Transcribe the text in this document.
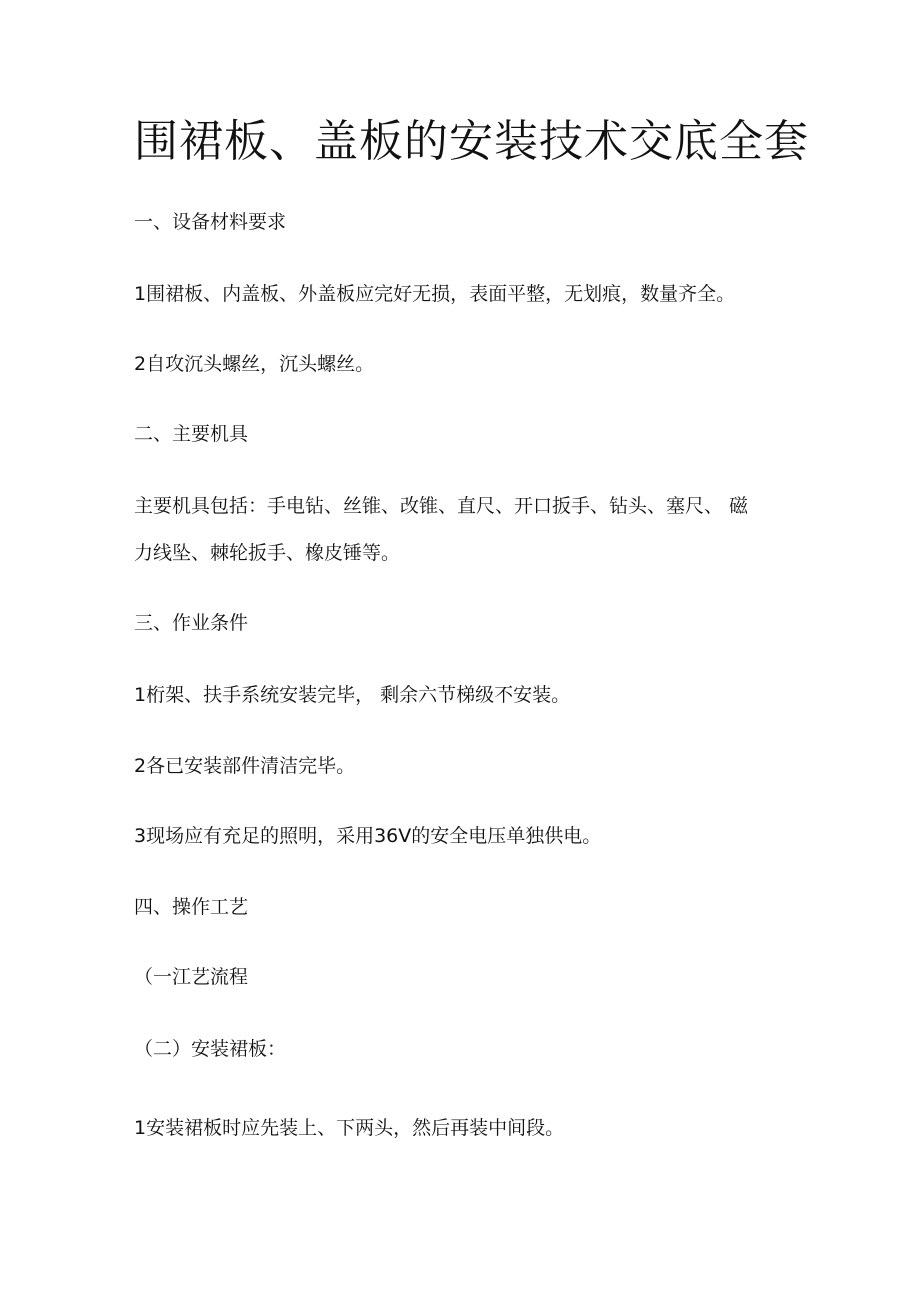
围裙板、盖板的安装技术交底全套

一、设备材料要求

1围裙板、内盖板、外盖板应完好无损，表面平整，无划痕，数量齐全。

2自攻沉头螺丝，沉头螺丝。

二、主要机具

主要机具包括：手电钻、丝锥、改锥、直尺、开口扳手、钻头、塞尺、 磁

力线坠、棘轮扳手、橡皮锤等。

三、作业条件

1桁架、扶手系统安装完毕， 剩余六节梯级不安装。

2各已安装部件清洁完毕。

3现场应有充足的照明，采用36V的安全电压单独供电。

四、操作工艺

（一江艺流程

（二）安装裙板：

1安装裙板时应先装上、下两头，然后再装中间段。
